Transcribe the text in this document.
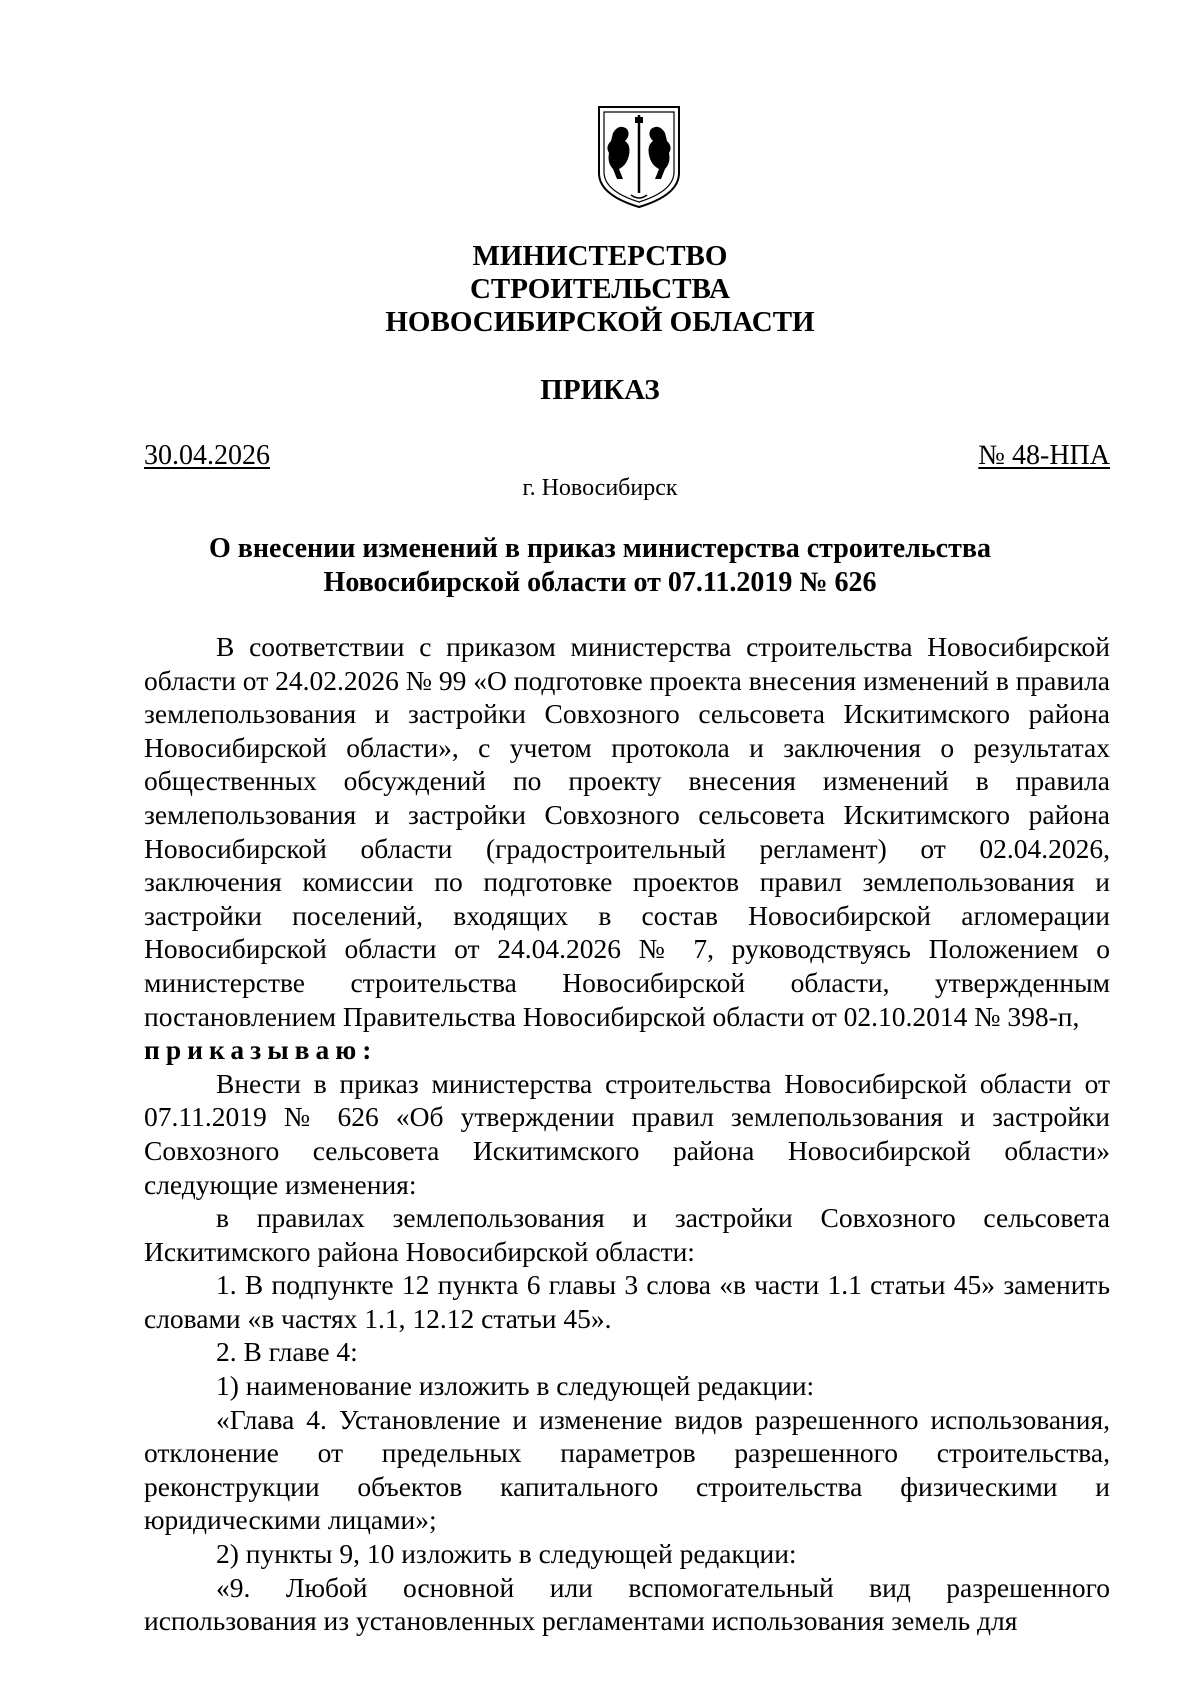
МИНИСТЕРСТВО
СТРОИТЕЛЬСТВА
НОВОСИБИРСКОЙ ОБЛАСТИ
ПРИКАЗ
30.04.2026	№ 48-НПА
г. Новосибирск
О внесении изменений в приказ министерства строительства
Новосибирской области от 07.11.2019 № 626

В соответствии с приказом министерства строительства Новосибирской области от 24.02.2026 № 99 «О подготовке проекта внесения изменений в правила землепользования и застройки Совхозного сельсовета Искитимского района Новосибирской области», с учетом протокола и заключения о результатах общественных обсуждений по проекту внесения изменений в правила землепользования и застройки Совхозного сельсовета Искитимского района Новосибирской области (градостроительный регламент) от 02.04.2026, заключения комиссии по подготовке проектов правил землепользования и застройки поселений, входящих в состав Новосибирской агломерации Новосибирской области от 24.04.2026 № 7, руководствуясь Положением о министерстве строительства Новосибирской области, утвержденным постановлением Правительства Новосибирской области от 02.10.2014 № 398-п,

приказываю:

Внести в приказ министерства строительства Новосибирской области от 07.11.2019 № 626 «Об утверждении правил землепользования и застройки Совхозного сельсовета Искитимского района Новосибирской области» следующие изменения:

в правилах землепользования и застройки Совхозного сельсовета Искитимского района Новосибирской области:

1. В подпункте 12 пункта 6 главы 3 слова «в части 1.1 статьи 45» заменить словами «в частях 1.1, 12.12 статьи 45».

2. В главе 4:

1) наименование изложить в следующей редакции:

«Глава 4. Установление и изменение видов разрешенного использования, отклонение от предельных параметров разрешенного строительства, реконструкции объектов капитального строительства физическими и юридическими лицами»;

2) пункты 9, 10 изложить в следующей редакции:

«9. Любой основной или вспомогательный вид разрешенного использования из установленных регламентами использования земель для
